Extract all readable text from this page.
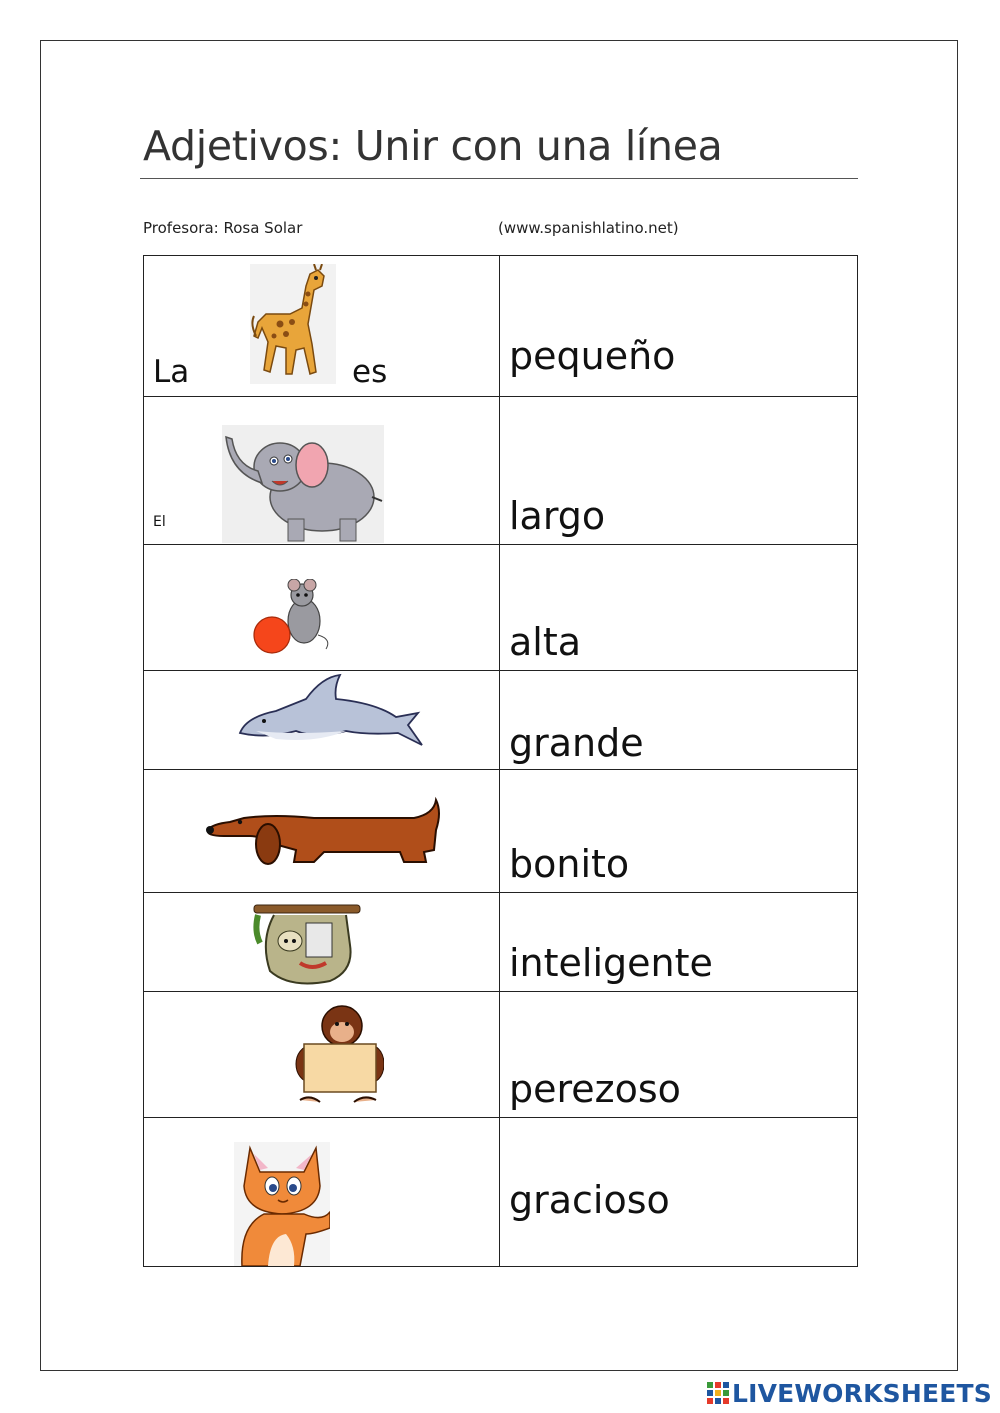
Adjetivos: Unir con una línea
Profesora: Rosa Solar	(www.spanishlatino.net)
La es	pequeño

El	largo

alta

grande

bonito

inteligente

perezoso

gracioso
LIVEWORKSHEETS
